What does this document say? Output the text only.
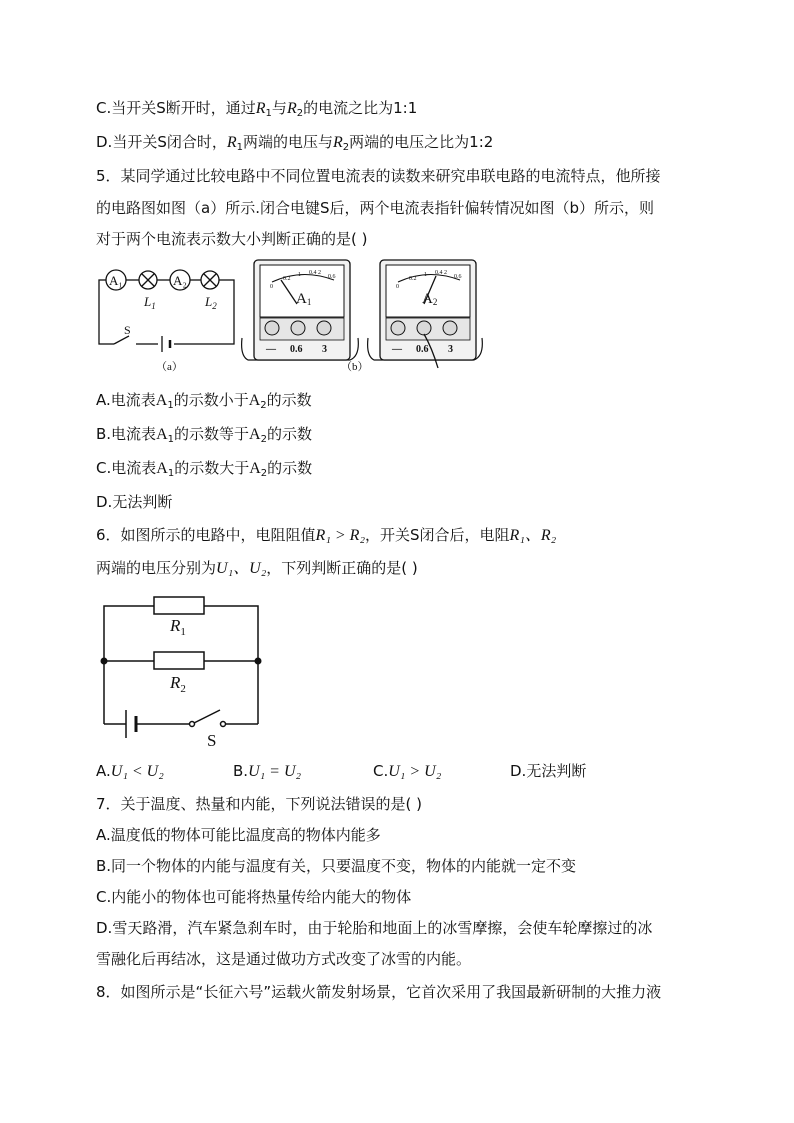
C.当开关S断开时，通过$R_1$与$R_2$的电流之比为1:1
D.当开关S闭合时，$R_1$两端的电压与$R_2$两端的电压之比为1:2
5．某同学通过比较电路中不同位置电流表的读数来研究串联电路的电流特点，他所接
的电路图如图（a）所示.闭合电键S后，两个电流表指针偏转情况如图（b）所示，则
对于两个电流表示数大小判断正确的是( )
A₁	A₂
$L_1$	$L_2$
S
（a）
0
0.2
1 0.4 2
0.6
A1
— 0.6 3
（b）
0
0.2
1 0.4 2
0.6
A2
— 0.6 3
A.电流表$A_1$的示数小于$A_2$的示数
B.电流表$A_1$的示数等于$A_2$的示数
C.电流表$A_1$的示数大于$A_2$的示数
D.无法判断
6．如图所示的电路中，电阻阻值R₁ > R₂，开关S闭合后，电阻R₁、R₂
两端的电压分别为U₁、U₂，下列判断正确的是( )
$R_1$
$R_2$
S
A.U₁ < U₂	B.U₁ = U₂	C.U₁ > U₂	D.无法判断
7．关于温度、热量和内能，下列说法错误的是( )
A.温度低的物体可能比温度高的物体内能多
B.同一个物体的内能与温度有关，只要温度不变，物体的内能就一定不变
C.内能小的物体也可能将热量传给内能大的物体
D.雪天路滑，汽车紧急刹车时，由于轮胎和地面上的冰雪摩擦，会使车轮摩擦过的冰
雪融化后再结冰，这是通过做功方式改变了冰雪的内能。
8．如图所示是“长征六号”运载火箭发射场景，它首次采用了我国最新研制的大推力液
